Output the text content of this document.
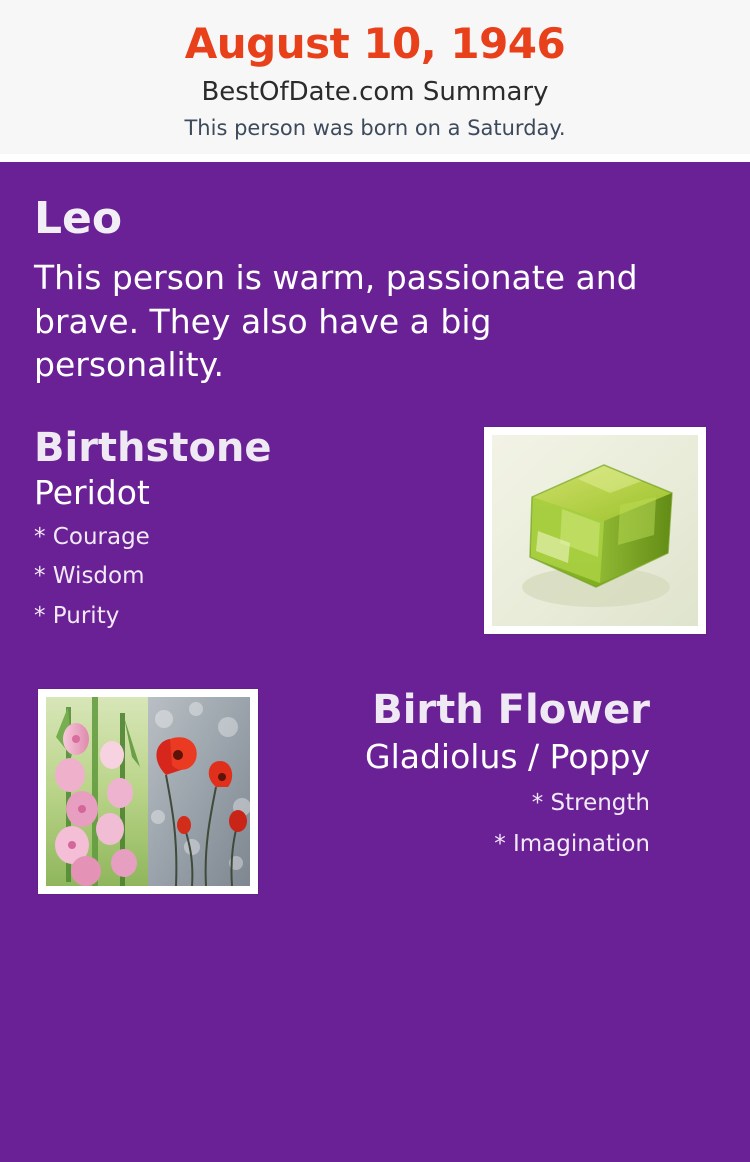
August 10, 1946
BestOfDate.com Summary
This person was born on a Saturday.
Leo
This person is warm, passionate and brave. They also have a big personality.
Birthstone
Peridot
* Courage
* Wisdom
* Purity
Birth Flower
Gladiolus / Poppy
* Strength
* Imagination
